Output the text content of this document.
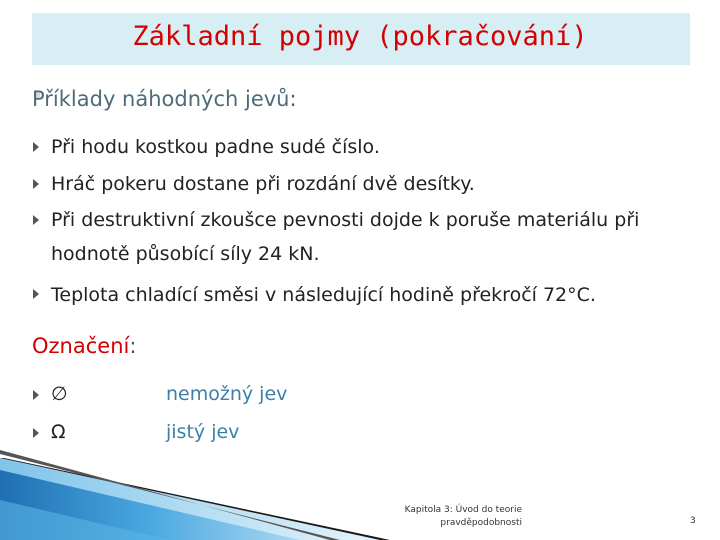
Základní pojmy (pokračování)
Příklady náhodných jevů:
Při hodu kostkou padne sudé číslo.
Hráč pokeru dostane při rozdání dvě desítky.
Při destruktivní zkoušce pevnosti dojde k poruše materiálu při hodnotě působící síly 24 kN.
Teplota chladící směsi v následující hodině překročí 72°C.
Označení:
∅	nemožný jev
Ω	jistý jev
Kapitola 3: Úvod do teorie
pravděpodobnosti	3
